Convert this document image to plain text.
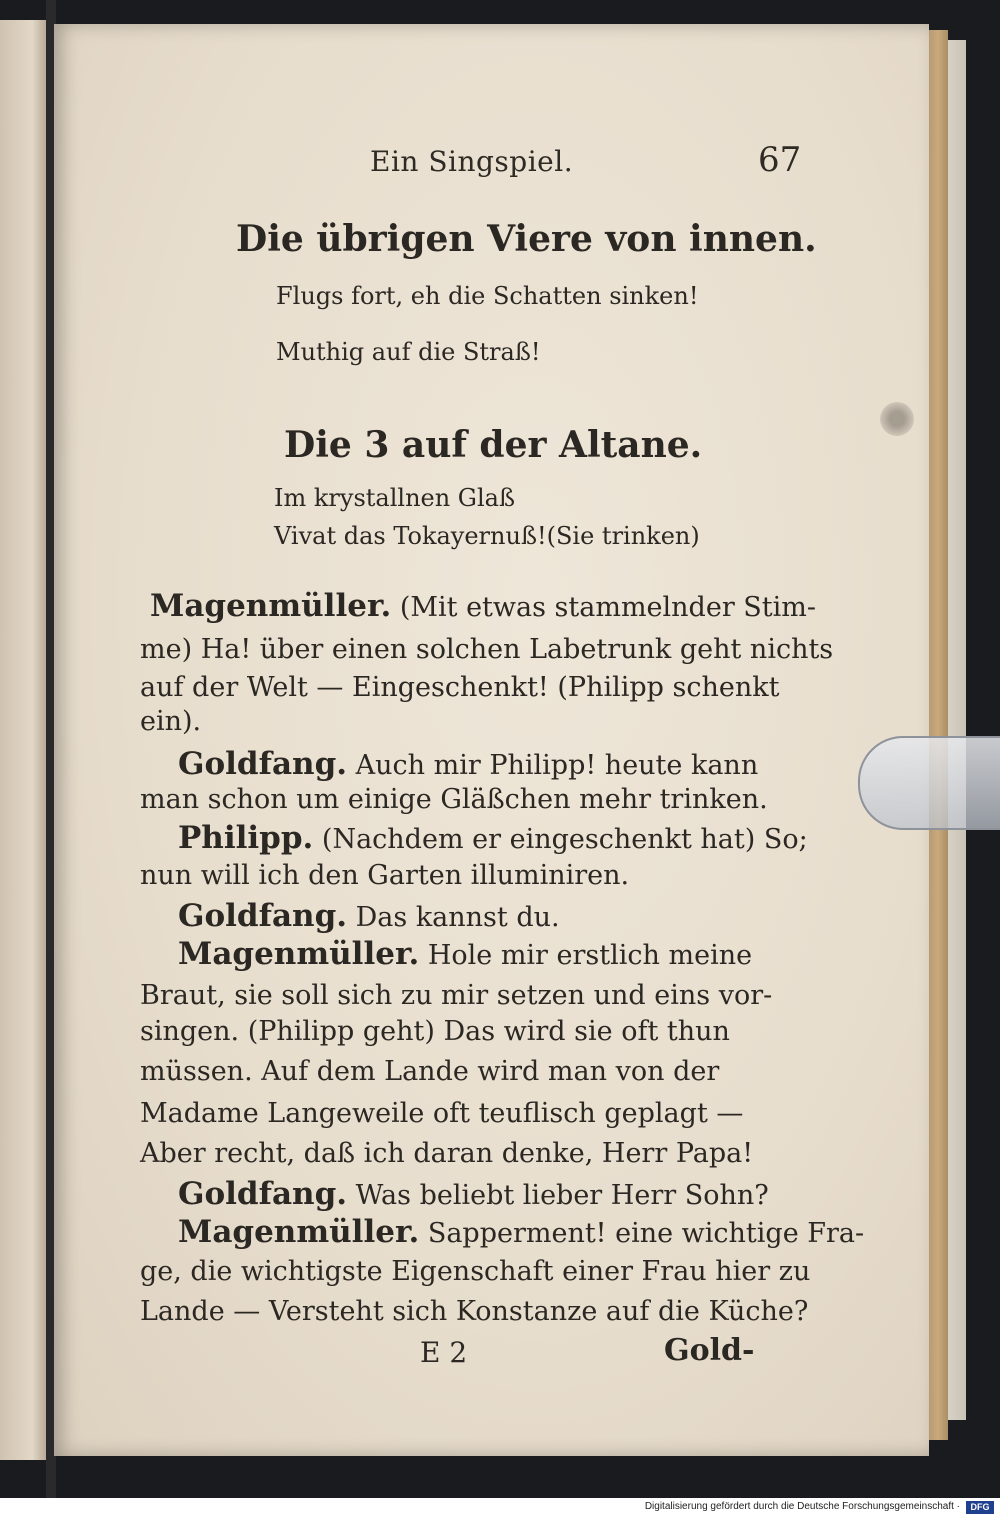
Ein Singspiel.	67
Die übrigen Viere von innen.
Flugs fort, eh die Schatten sinken!
Muthig auf die Straß!
Die 3 auf der Altane.
Im krystallnen Glaß
Vivat das Tokayernuß!(Sie trinken)
Magenmüller. (Mit etwas stammelnder Stim-
me) Ha! über einen solchen Labetrunk geht nichts
auf der Welt — Eingeschenkt! (Philipp schenkt
ein).
Goldfang. Auch mir Philipp! heute kann
man schon um einige Gläßchen mehr trinken.
Philipp. (Nachdem er eingeschenkt hat) So;
nun will ich den Garten illuminiren.
Goldfang. Das kannst du.
Magenmüller. Hole mir erstlich meine
Braut, sie soll sich zu mir setzen und eins vor-
singen. (Philipp geht) Das wird sie oft thun
müssen. Auf dem Lande wird man von der
Madame Langeweile oft teuflisch geplagt —
Aber recht, daß ich daran denke, Herr Papa!
Goldfang. Was beliebt lieber Herr Sohn?
Magenmüller. Sapperment! eine wichtige Fra-
ge, die wichtigste Eigenschaft einer Frau hier zu
Lande — Versteht sich Konstanze auf die Küche?
E 2	Gold-
Digitalisierung gefördert durch die Deutsche Forschungsgemeinschaft ·	DFG
